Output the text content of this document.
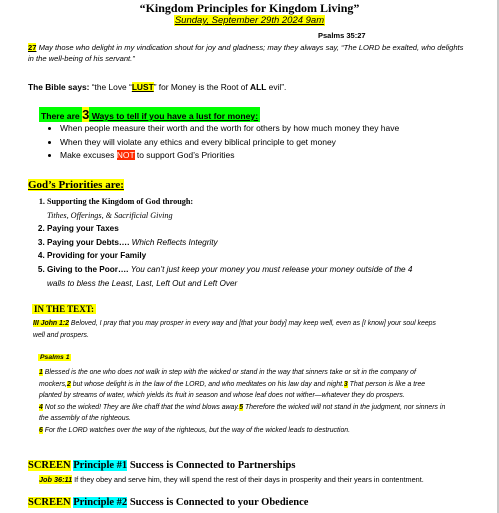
“Kingdom Principles for Kingdom Living”
Sunday, September 29th 2024 9am
Psalms 35:27
27 May those who delight in my vindication shout for joy and gladness; may they always say, “The LORD be exalted, who delights in the well-being of his servant.”
The Bible says: “the Love “LUST” for Money is the Root of ALL evil”.
There are 3 Ways to tell if you have a lust for money:
• When people measure their worth and the worth for others by how much money they have
• When they will violate any ethics and every biblical principle to get money
• Make excuses NOT to support God’s Priorities
God’s Priorities are:
1. Supporting the Kingdom of God through:
Tithes, Offerings, & Sacrificial Giving
2. Paying your Taxes
3. Paying your Debts…. Which Reflects Integrity
4. Providing for your Family
5. Giving to the Poor…. You can’t just keep your money you must release your money outside of the 4
walls to bless the Least, Last, Left Out and Left Over
IN THE TEXT:
III John 1:2 Beloved, I pray that you may prosper in every way and [that your body] may keep well, even as [I know] your soul keeps well and prospers.
Psalms 1
1 Blessed is the one who does not walk in step with the wicked or stand in the way that sinners take or sit in the company of mockers,2 but whose delight is in the law of the LORD, and who meditates on his law day and night.3 That person is like a tree planted by streams of water, which yields its fruit in season and whose leaf does not wither—whatever they do prospers.
4 Not so the wicked! They are like chaff that the wind blows away.5 Therefore the wicked will not stand in the judgment, nor sinners in the assembly of the righteous.
6 For the LORD watches over the way of the righteous, but the way of the wicked leads to destruction.
SCREEN Principle #1 Success is Connected to Partnerships
Job 36:11 If they obey and serve him, they will spend the rest of their days in prosperity and their years in contentment.
SCREEN Principle #2 Success is Connected to your Obedience
